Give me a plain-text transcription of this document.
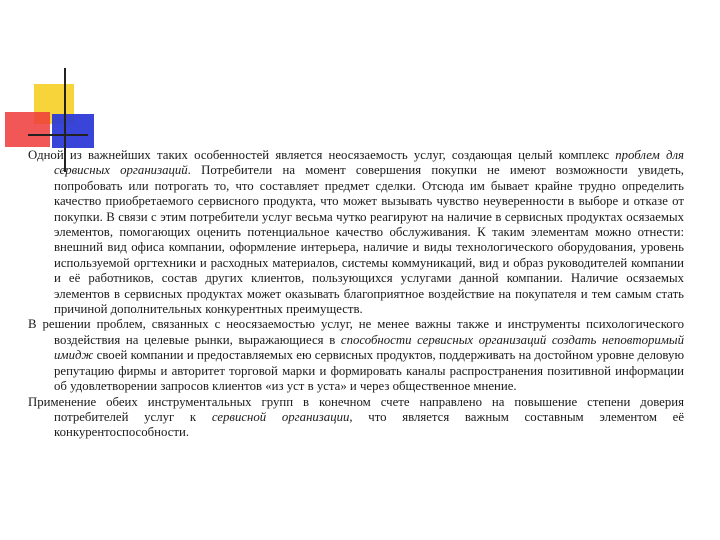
Одной из важнейших таких особенностей является неосязаемость услуг, создающая целый комплекс проблем для сервисных организаций. Потребители на момент совершения покупки не имеют возможности увидеть, попробовать или потрогать то, что составляет предмет сделки. Отсюда им бывает крайне трудно определить качество приобретаемого сервисного продукта, что может вызывать чувство неуверенности в выборе и отказе от покупки. В связи с этим потребители услуг весьма чутко реагируют на наличие в сервисных продуктах осязаемых элементов, помогающих оценить потенциальное качество обслуживания. К таким элементам можно отнести: внешний вид офиса компании, оформление интерьера, наличие и виды технологического оборудования, уровень используемой оргтехники и расходных материалов, системы коммуникаций, вид и образ руководителей компании и её работников, состав других клиентов, пользующихся услугами данной компании. Наличие осязаемых элементов в сервисных продуктах может оказывать благоприятное воздействие на покупателя и тем самым стать причиной дополнительных конкурентных преимуществ.

В решении проблем, связанных с неосязаемостью услуг, не менее важны также и инструменты психологического воздействия на целевые рынки, выражающиеся в способности сервисных организаций создать неповторимый имидж своей компании и предоставляемых ею сервисных продуктов, поддерживать на достойном уровне деловую репутацию фирмы и авторитет торговой марки и формировать каналы распространения позитивной информации об удовлетворении запросов клиентов «из уст в уста» и через общественное мнение.

Применение обеих инструментальных групп в конечном счете направлено на повышение степени доверия потребителей услуг к сервисной организации, что является важным составным элементом её конкурентоспособности.
